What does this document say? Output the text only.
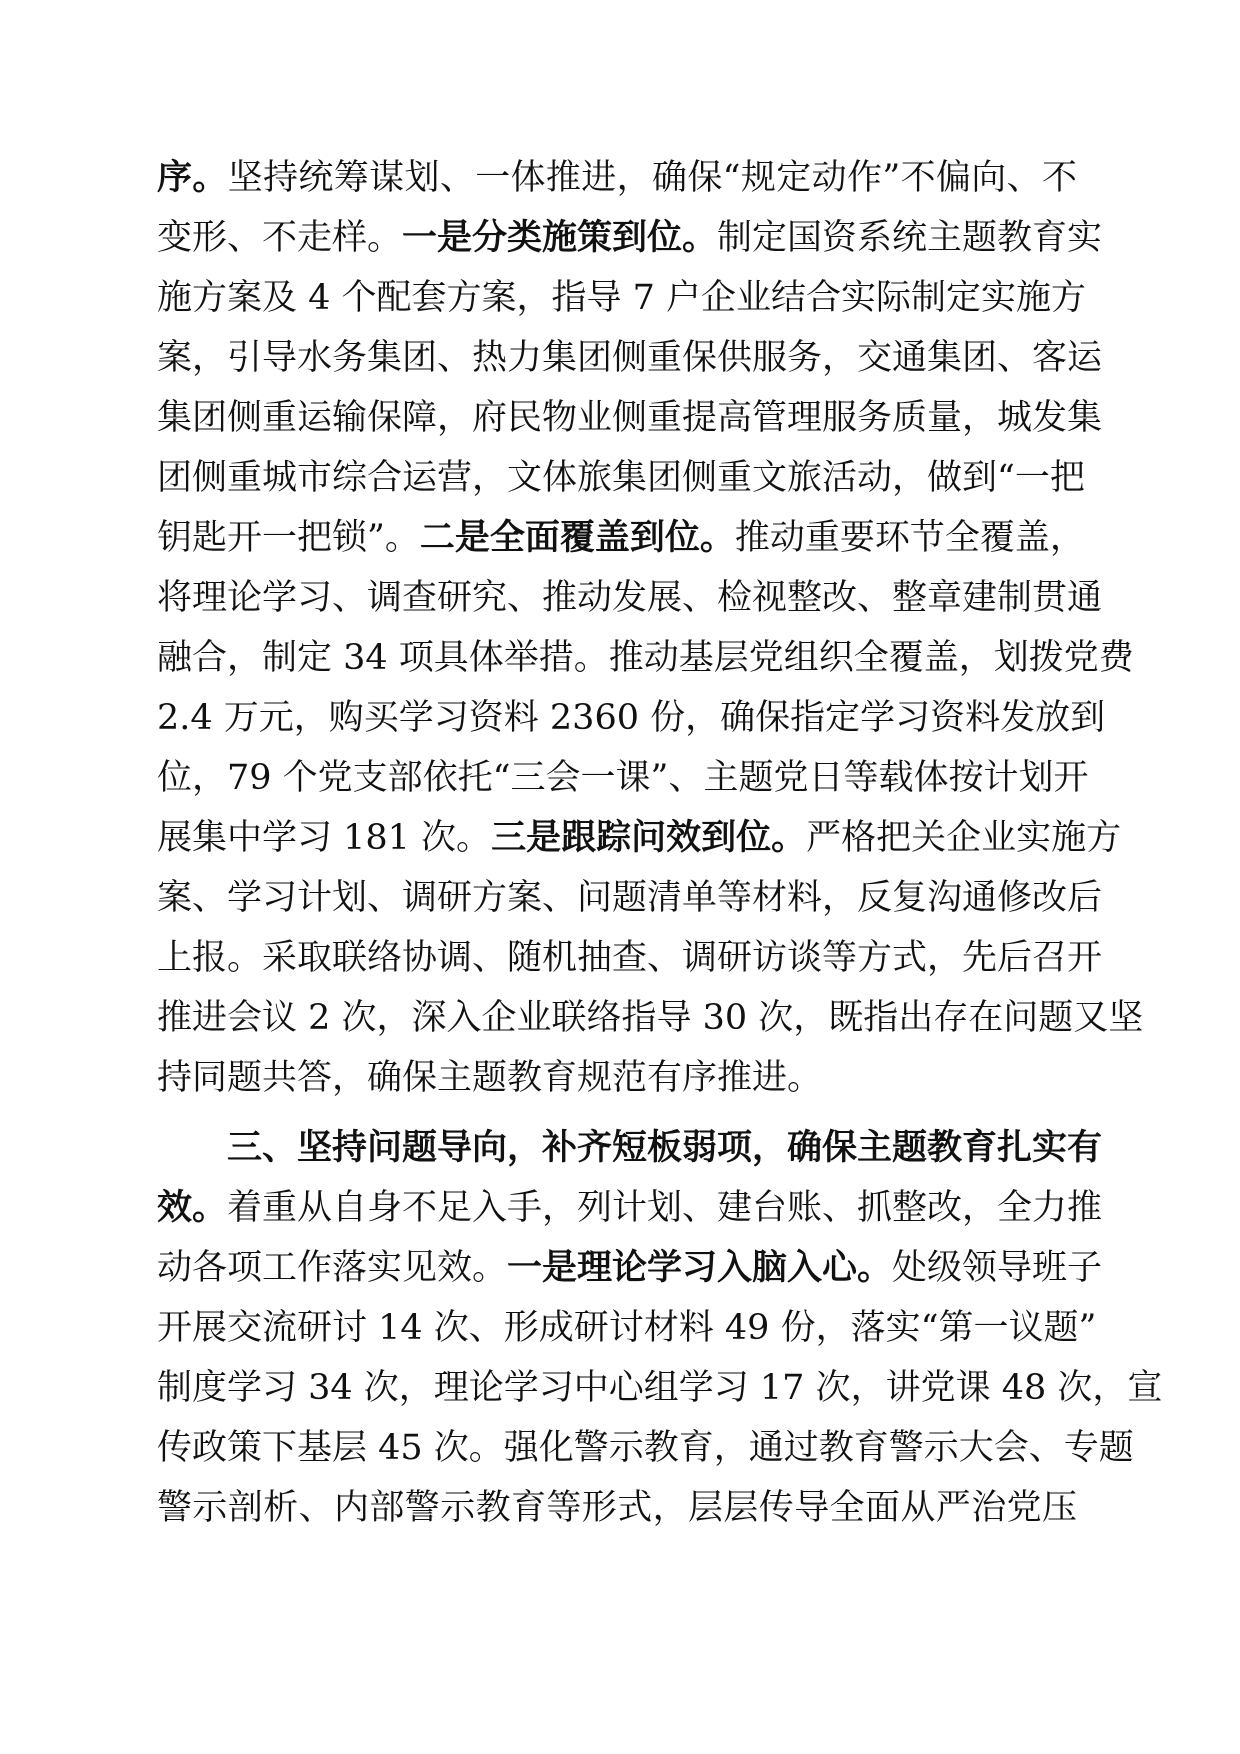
序。坚持统筹谋划、一体推进，确保“规定动作”不偏向、不
变形、不走样。一是分类施策到位。制定国资系统主题教育实
施方案及 4 个配套方案，指导 7 户企业结合实际制定实施方
案，引导水务集团、热力集团侧重保供服务，交通集团、客运
集团侧重运输保障，府民物业侧重提高管理服务质量，城发集
团侧重城市综合运营，文体旅集团侧重文旅活动，做到“一把
钥匙开一把锁”。二是全面覆盖到位。推动重要环节全覆盖，
将理论学习、调查研究、推动发展、检视整改、整章建制贯通
融合，制定 34 项具体举措。推动基层党组织全覆盖，划拨党费
2.4 万元，购买学习资料 2360 份，确保指定学习资料发放到
位，79 个党支部依托“三会一课”、主题党日等载体按计划开
展集中学习 181 次。三是跟踪问效到位。严格把关企业实施方
案、学习计划、调研方案、问题清单等材料，反复沟通修改后
上报。采取联络协调、随机抽查、调研访谈等方式，先后召开
推进会议 2 次，深入企业联络指导 30 次，既指出存在问题又坚
持同题共答，确保主题教育规范有序推进。
三、坚持问题导向，补齐短板弱项，确保主题教育扎实有
效。着重从自身不足入手，列计划、建台账、抓整改，全力推
动各项工作落实见效。一是理论学习入脑入心。处级领导班子
开展交流研讨 14 次、形成研讨材料 49 份，落实“第一议题”
制度学习 34 次，理论学习中心组学习 17 次，讲党课 48 次，宣
传政策下基层 45 次。强化警示教育，通过教育警示大会、专题
警示剖析、内部警示教育等形式，层层传导全面从严治党压
